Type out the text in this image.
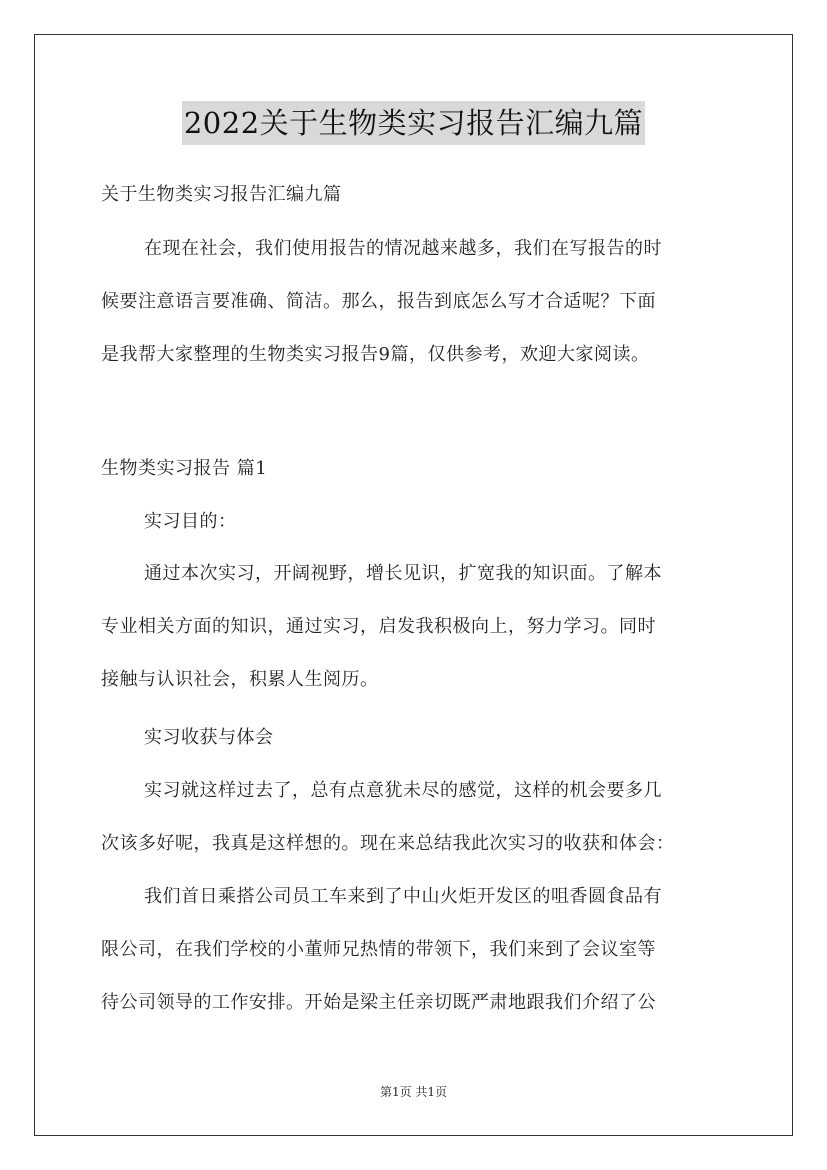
2022关于生物类实习报告汇编九篇
关于生物类实习报告汇编九篇
在现在社会，我们使用报告的情况越来越多，我们在写报告的时
候要注意语言要准确、简洁。那么，报告到底怎么写才合适呢？下面
是我帮大家整理的生物类实习报告9篇，仅供参考，欢迎大家阅读。
生物类实习报告 篇1
实习目的：
通过本次实习，开阔视野，增长见识，扩宽我的知识面。了解本
专业相关方面的知识，通过实习，启发我积极向上，努力学习。同时
接触与认识社会，积累人生阅历。
实习收获与体会
实习就这样过去了，总有点意犹未尽的感觉，这样的机会要多几
次该多好呢，我真是这样想的。现在来总结我此次实习的收获和体会：
我们首日乘搭公司员工车来到了中山火炬开发区的咀香圆食品有
限公司，在我们学校的小董师兄热情的带领下，我们来到了会议室等
待公司领导的工作安排。开始是梁主任亲切既严肃地跟我们介绍了公
第1页 共1页
